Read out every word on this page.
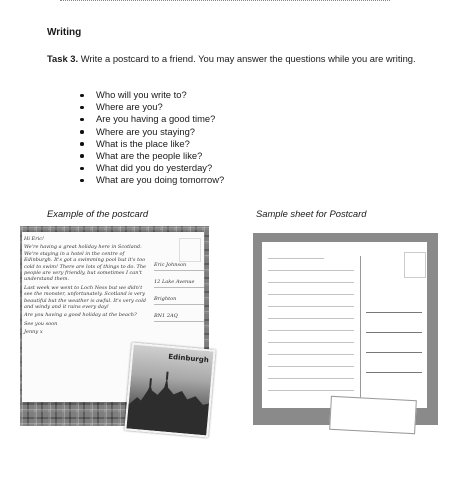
Writing
Task 3. Write a postcard to a friend. You may answer the questions while you are writing.
Who will you write to?
Where are you?
Are you having a good time?
Where are you staying?
What is the place like?
What are the people like?
What did you do yesterday?
What are you doing tomorrow?
Example of the postcard	Sample sheet for Postcard

Hi Eric!

We're having a great holiday here in Scotland. We're staying in a hotel in the centre of Edinburgh. It's got a swimming pool but it's too cold to swim! There are lots of things to do. The people are very friendly, but sometimes I can't understand them.

Last week we went to Loch Ness but we didn't see the monster, unfortunately. Scotland is very beautiful but the weather is awful. It's very cold and windy and it rains every day!

Are you having a good holiday at the beach?

See you soon

Jenny x

Eric Johnson
12 Lake Avenue
Brighton
BN1 2AQ
Edinburgh
